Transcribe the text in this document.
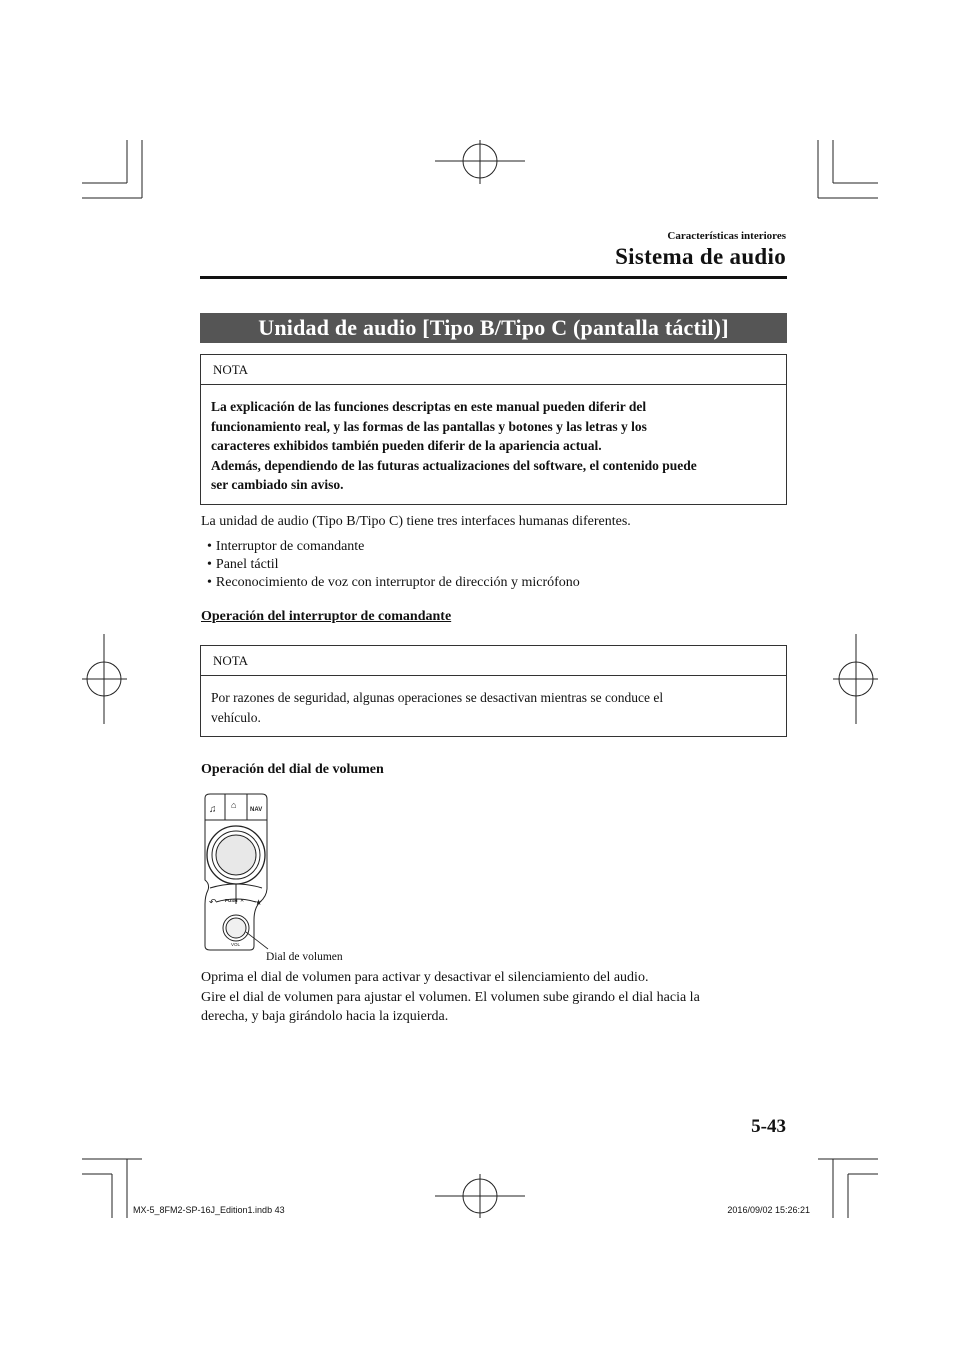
Características interiores
Sistema de audio
Unidad de audio [Tipo B/Tipo C (pantalla táctil)]
NOTA
La explicación de las funciones descriptas en este manual pueden diferir del
funcionamiento real, y las formas de las pantallas y botones y las letras y los
caracteres exhibidos también pueden diferir de la apariencia actual.
Además, dependiendo de las futuras actualizaciones del software, el contenido puede
ser cambiado sin aviso.
La unidad de audio (Tipo B/Tipo C) tiene tres interfaces humanas diferentes.
• Interruptor de comandante
• Panel táctil
• Reconocimiento de voz con interruptor de dirección y micrófono
Operación del interruptor de comandante
NOTA
Por razones de seguridad, algunas operaciones se desactivan mientras se conduce el
vehículo.
Operación del dial de volumen
♫ ⌂ NAV
↶	★
PUSH ✕
VOL
Dial de volumen
Oprima el dial de volumen para activar y desactivar el silenciamiento del audio.
Gire el dial de volumen para ajustar el volumen. El volumen sube girando el dial hacia la
derecha, y baja girándolo hacia la izquierda.
5-43
MX-5_8FM2-SP-16J_Edition1.indb 43	2016/09/02 15:26:21
